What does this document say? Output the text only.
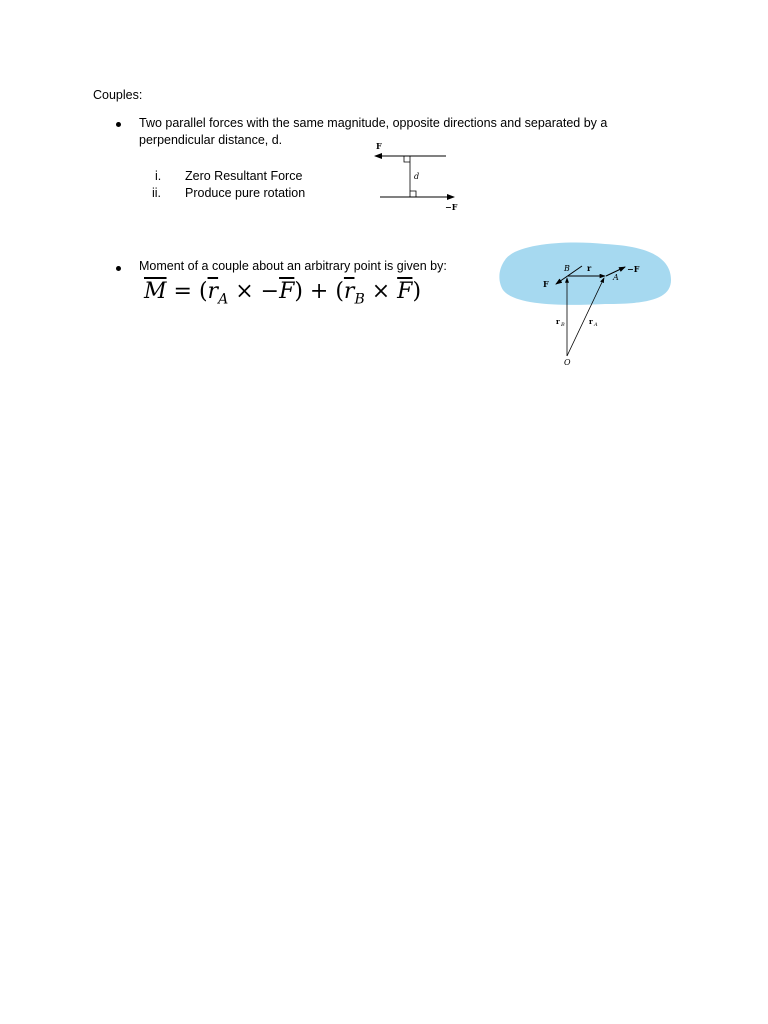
Couples:
Two parallel forces with the same magnitude, opposite directions and separated by a
perpendicular distance, d.
i. Zero Resultant Force
ii. Produce pure rotation
F
−F
d
Moment of a couple about an arbitrary point is given by:
$\overline{M} = (\overline{r}_A \times -\overline{F}) + (\overline{r}_B \times \overline{F})$
B r	−F
A
F
r B	r A
O
